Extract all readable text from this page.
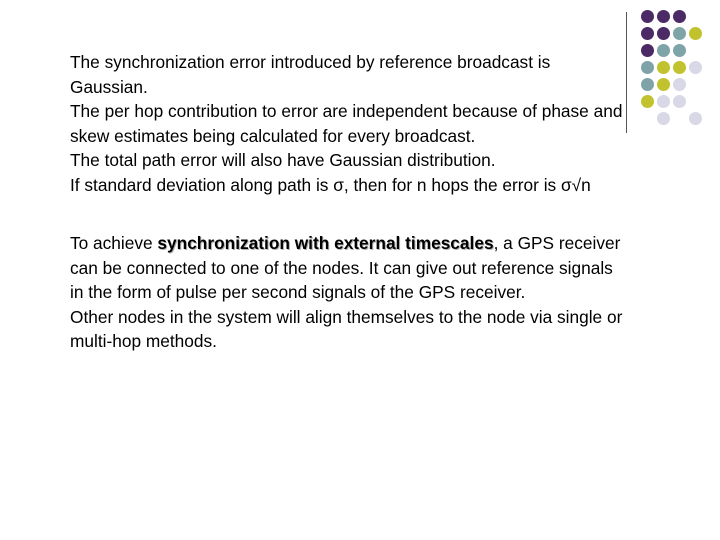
The synchronization error introduced by reference broadcast is Gaussian.

The per hop contribution to error are independent because of phase and skew estimates being calculated for every broadcast.

The total path error will also have Gaussian distribution.

If standard deviation along path is σ, then for n hops the error is σ√n

To achieve synchronization with external timescales, a GPS receiver can be connected to one of the nodes. It can give out reference signals in the form of pulse per second signals of the GPS receiver.

Other nodes in the system will align themselves to the node via single or multi-hop methods.
